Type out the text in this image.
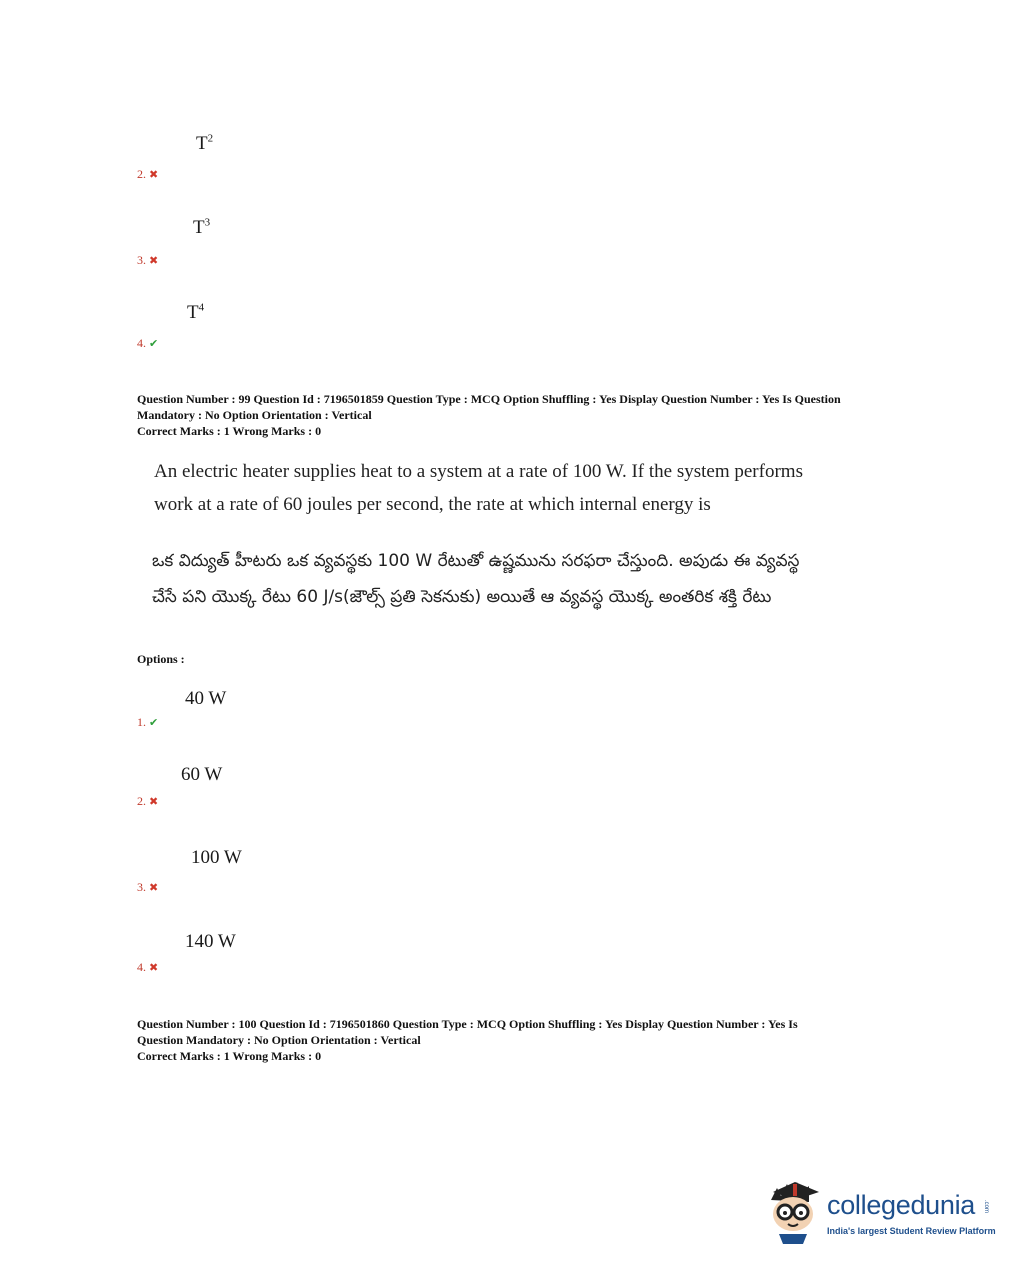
$T^2$
2. ✖
$T^3$
3. ✖
$T^4$
4. ✔
Question Number : 99 Question Id : 7196501859 Question Type : MCQ Option Shuffling : Yes Display Question Number : Yes Is Question
Mandatory : No Option Orientation : Vertical
Correct Marks : 1 Wrong Marks : 0
An electric heater supplies heat to a system at a rate of 100 W. If the system performs
work at a rate of 60 joules per second, the rate at which internal energy is
ఒక విద్యుత్ హీటరు ఒక వ్యవస్థకు 100 W రేటుతో ఉష్ణమును సరఫరా చేస్తుంది. అపుడు ఈ వ్యవస్థ
చేసే పని యొక్క రేటు 60 J/s(జౌల్స్ ప్రతి సెకనుకు) అయితే ఆ వ్యవస్థ యొక్క అంతరిక శక్తి రేటు
Options :
40 W
1. ✔
60 W
2. ✖
100 W
3. ✖
140 W
4. ✖
Question Number : 100 Question Id : 7196501860 Question Type : MCQ Option Shuffling : Yes Display Question Number : Yes Is
Question Mandatory : No Option Orientation : Vertical
Correct Marks : 1 Wrong Marks : 0
collegedunia .com
India's largest Student Review Platform
